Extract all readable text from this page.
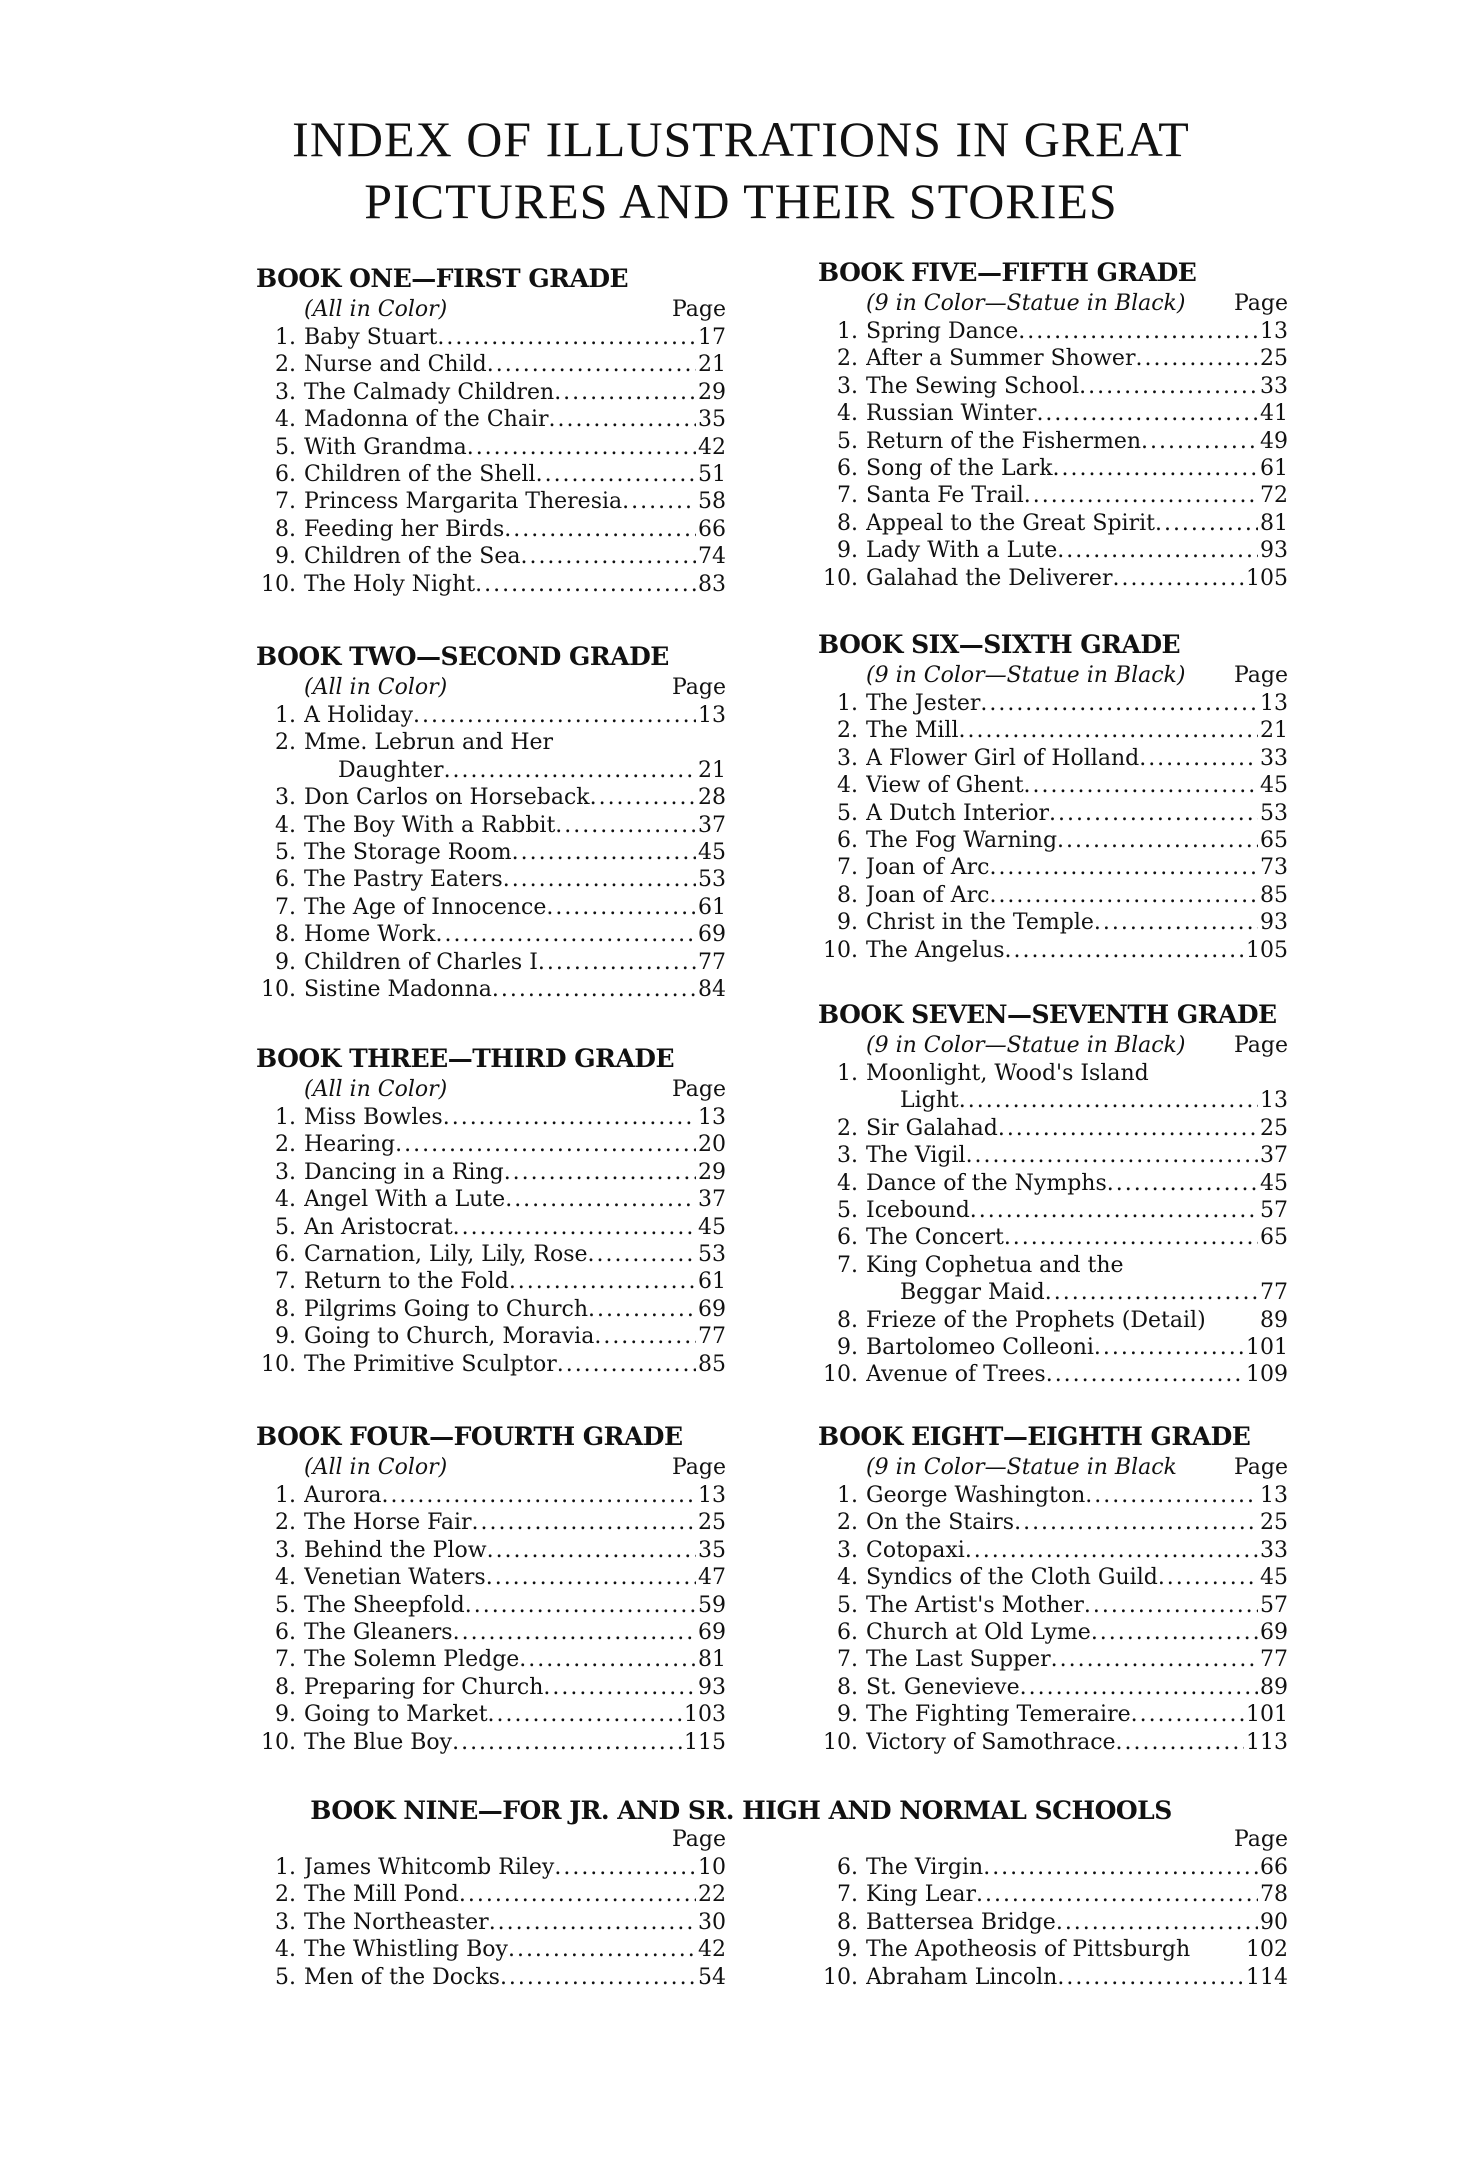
INDEX OF ILLUSTRATIONS IN GREAT
PICTURES AND THEIR STORIES
BOOK ONE—FIRST GRADE
(All in Color)	Page
1. Baby Stuart . . .	17
2. Nurse and Child . . .	21
3. The Calmady Children . . .	29
4. Madonna of the Chair . . .	35
5. With Grandma . . .	42
6. Children of the Shell . . .	51
7. Princess Margarita Theresia . . .	58
8. Feeding her Birds . . .	66
9. Children of the Sea . . .	74
10. The Holy Night . . .	83
BOOK TWO—SECOND GRADE
(All in Color)	Page
1. A Holiday . . .	13
2. Mme. Lebrun and Her
Daughter . . .	21
3. Don Carlos on Horseback . . .	28
4. The Boy With a Rabbit . . .	37
5. The Storage Room . . .	45
6. The Pastry Eaters . . .	53
7. The Age of Innocence . . .	61
8. Home Work . . .	69
9. Children of Charles I . . .	77
10. Sistine Madonna . . .	84
BOOK THREE—THIRD GRADE
(All in Color)	Page
1. Miss Bowles . . .	13
2. Hearing . . .	20
3. Dancing in a Ring . . .	29
4. Angel With a Lute . . .	37
5. An Aristocrat . . .	45
6. Carnation, Lily, Lily, Rose . . .	53
7. Return to the Fold . . .	61
8. Pilgrims Going to Church . . .	69
9. Going to Church, Moravia . . .	77
10. The Primitive Sculptor . . .	85
BOOK FOUR—FOURTH GRADE
(All in Color)	Page
1. Aurora . . .	13
2. The Horse Fair . . .	25
3. Behind the Plow . . .	35
4. Venetian Waters . . .	47
5. The Sheepfold . . .	59
6. The Gleaners . . .	69
7. The Solemn Pledge . . .	81
8. Preparing for Church . . .	93
9. Going to Market . . .	103
10. The Blue Boy . . .	115
BOOK FIVE—FIFTH GRADE
(9 in Color—Statue in Black) Page
1. Spring Dance . . .	13
2. After a Summer Shower . . .	25
3. The Sewing School . . .	33
4. Russian Winter . . .	41
5. Return of the Fishermen . . .	49
6. Song of the Lark . . .	61
7. Santa Fe Trail . . .	72
8. Appeal to the Great Spirit . . .	81
9. Lady With a Lute . . .	93
10. Galahad the Deliverer . . .	105
BOOK SIX—SIXTH GRADE
(9 in Color—Statue in Black) Page
1. The Jester . . .	13
2. The Mill . . .	21
3. A Flower Girl of Holland . . .	33
4. View of Ghent . . .	45
5. A Dutch Interior . . .	53
6. The Fog Warning . . .	65
7. Joan of Arc . . .	73
8. Joan of Arc . . .	85
9. Christ in the Temple . . .	93
10. The Angelus . . .	105
BOOK SEVEN—SEVENTH GRADE
(9 in Color—Statue in Black) Page
1. Moonlight, Wood's Island
Light . . .	13
2. Sir Galahad . . .	25
3. The Vigil . . .	37
4. Dance of the Nymphs . . .	45
5. Icebound . . .	57
6. The Concert . . .	65
7. King Cophetua and the
Beggar Maid . . .	77
8. Frieze of the Prophets (Detail) 89
9. Bartolomeo Colleoni . . .	101
10. Avenue of Trees . . .	109
BOOK EIGHT—EIGHTH GRADE
(9 in Color—Statue in Black	Page
1. George Washington . . .	13
2. On the Stairs . . .	25
3. Cotopaxi . . .	33
4. Syndics of the Cloth Guild . . .	45
5. The Artist's Mother . . .	57
6. Church at Old Lyme . . .	69
7. The Last Supper . . .	77
8. St. Genevieve . . .	89
9. The Fighting Temeraire . . .	101
10. Victory of Samothrace . . .	113
BOOK NINE—FOR JR. AND SR. HIGH AND NORMAL SCHOOLS
Page
1. James Whitcomb Riley . . .	10
2. The Mill Pond . . .	22
3. The Northeaster . . .	30
4. The Whistling Boy . . .	42
5. Men of the Docks . . .	54
Page
6. The Virgin . . .	66
7. King Lear . . .	78
8. Battersea Bridge . . .	90
9. The Apotheosis of Pittsburgh	102
10. Abraham Lincoln . . .	114
